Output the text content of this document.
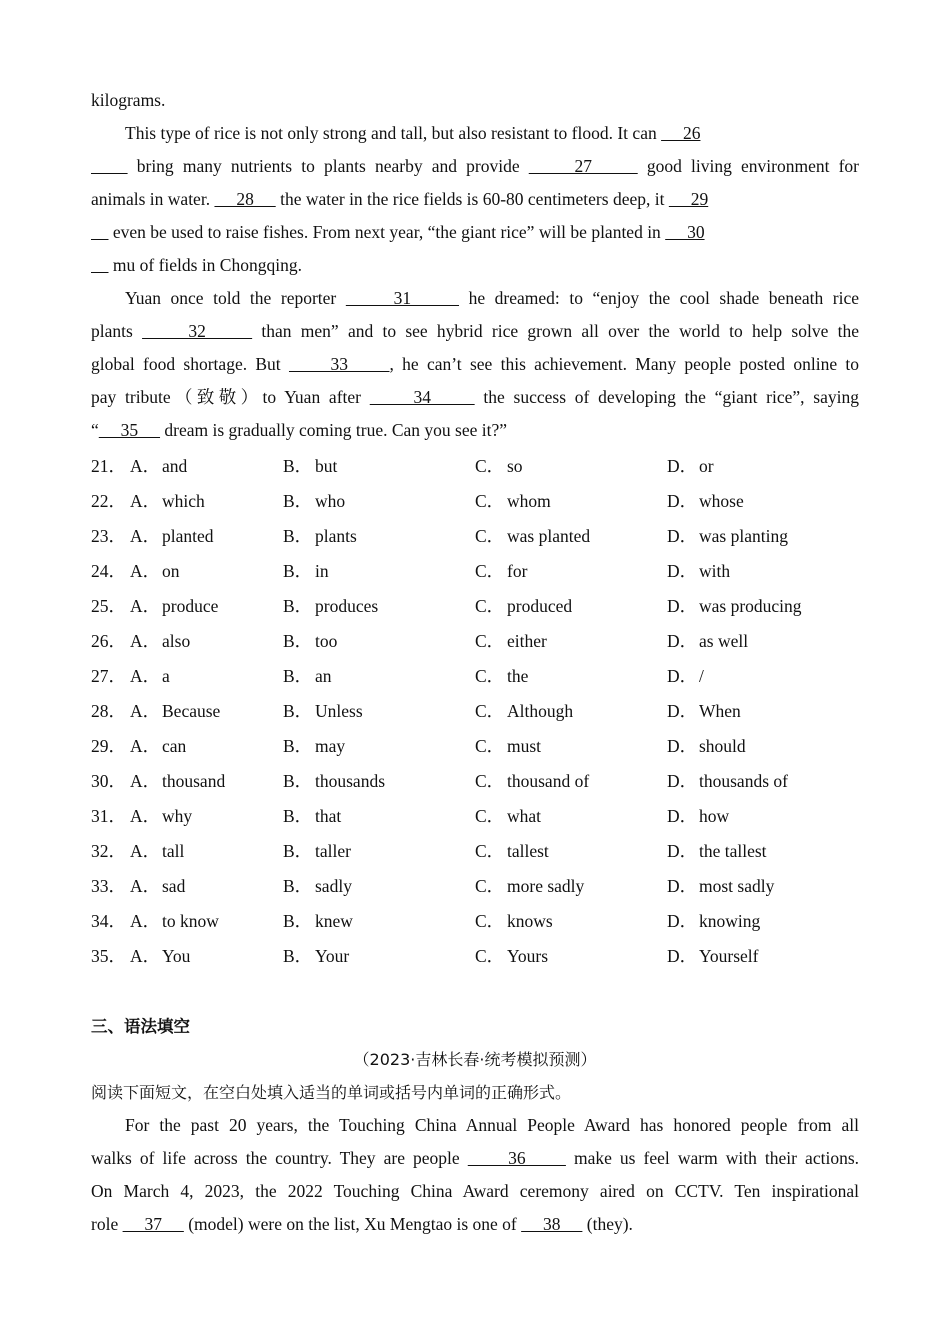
kilograms.
This type of rice is not only strong and tall, but also resistant to flood. It can      26
bring many nutrients to plants nearby and provide      27      good living environment for
animals in water.      28      the water in the rice fields is 60-80 centimeters deep, it      29
even be used to raise fishes. From next year, “the giant rice” will be planted in      30
mu of fields in Chongqing.
Yuan once told the reporter      31      he dreamed: to “enjoy the cool shade beneath rice
plants      32      than men” and to see hybrid rice grown all over the world to help solve the
global food shortage. But      33     , he can’t see this achievement. Many people posted online to
pay tribute（致敬）to Yuan after      34      the success of developing the “giant rice”, saying
“     35      dream is gradually coming true. Can you see it?”
21． A． and	B． but	C． so	D． or
22． A． which	B． who	C． whom	D． whose
23． A． planted	B． plants	C． was planted	D． was planting
24． A． on	B． in	C． for	D． with
25． A． produce	B． produces	C． produced	D． was producing
26． A． also	B． too	C． either	D． as well
27． A． a	B． an	C． the	D． /
28． A． Because	B． Unless	C． Although	D． When
29． A． can	B． may	C． must	D． should
30． A． thousand	B． thousands	C． thousand of	D． thousands of
31． A． why	B． that	C． what	D． how
32． A． tall	B． taller	C． tallest	D． the tallest
33． A． sad	B． sadly	C． more sadly	D． most sadly
34． A． to know	B． knew	C． knows	D． knowing
35． A． You	B． Your	C． Yours	D． Yourself
三、语法填空
（2023·吉林长春·统考模拟预测）
阅读下面短文，在空白处填入适当的单词或括号内单词的正确形式。
For the past 20 years, the Touching China Annual People Award has honored people from all
walks of life across the country. They are people      36      make us feel warm with their actions.
On March 4, 2023, the 2022 Touching China Award ceremony aired on CCTV. Ten inspirational
role      37      (model) were on the list, Xu Mengtao is one of      38      (they).
